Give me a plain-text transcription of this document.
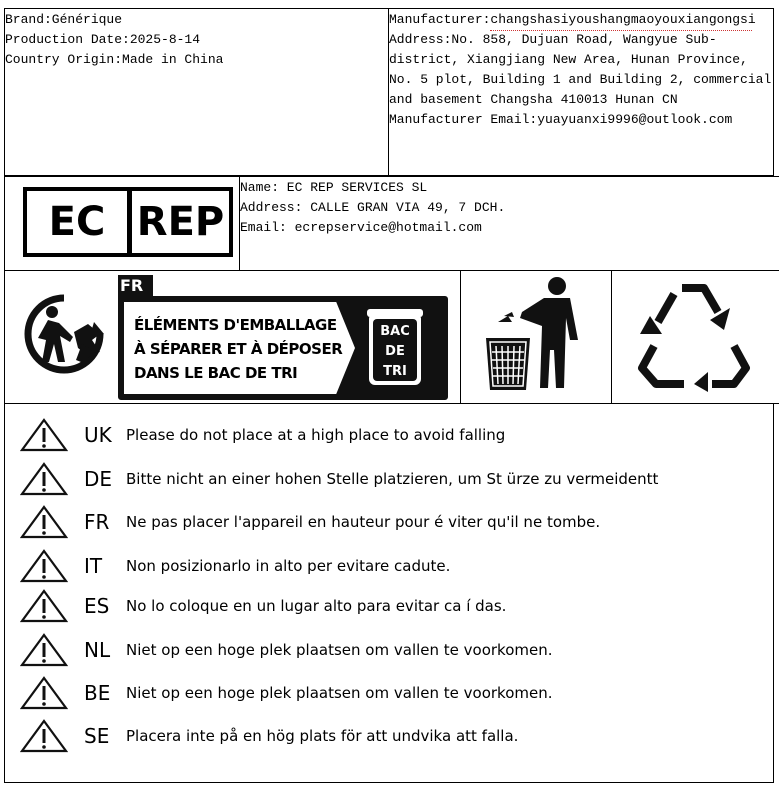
Brand:Générique
Production Date:2025-8-14
Country Origin:Made in China
Manufacturer:changshasiyoushangmaoyouxiangongsi
Address:No. 858, Dujuan Road, Wangyue Sub-
district, Xiangjiang New Area, Hunan Province,
No. 5 plot, Building 1 and Building 2, commercial
and basement Changsha 410013 Hunan CN
Manufacturer Email:yuayuanxi9996@outlook.com
EC REP
Name: EC REP SERVICES SL
Address: CALLE GRAN VIA 49, 7 DCH.
Email: ecrepservice@hotmail.com
FR
ÉLÉMENTS D'EMBALLAGE
À SÉPARER ET À DÉPOSER
DANS LE BAC DE TRI
BAC
DE
TRI
UK Please do not place at a high place to avoid falling
DE Bitte nicht an einer hohen Stelle platzieren, um St ürze zu vermeidentt
FR	Ne pas placer l'appareil en hauteur pour é viter qu'il ne tombe.
IT	Non posizionarlo in alto per evitare cadute.
ES	No lo coloque en un lugar alto para evitar ca í das.
NL	Niet op een hoge plek plaatsen om vallen te voorkomen.
BE	Niet op een hoge plek plaatsen om vallen te voorkomen.
SE	Placera inte på en hög plats för att undvika att falla.
